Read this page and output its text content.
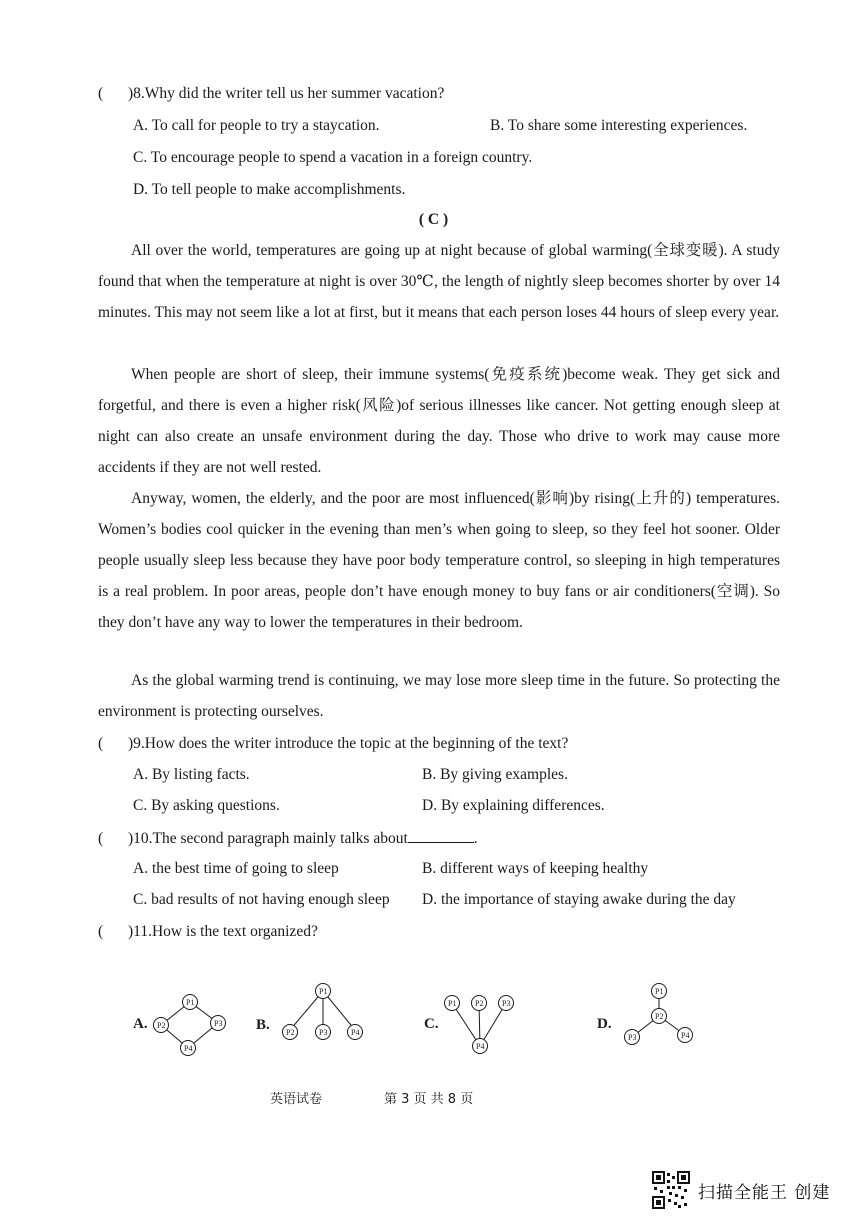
( )8.Why did the writer tell us her summer vacation?
A. To call for people to try a staycation.	B. To share some interesting experiences.
C. To encourage people to spend a vacation in a foreign country.
D. To tell people to make accomplishments.
( C )
All over the world, temperatures are going up at night because of global warming(全球变暖). A study found that when the temperature at night is over 30℃, the length of nightly sleep becomes shorter by over 14 minutes. This may not seem like a lot at first, but it means that each person loses 44 hours of sleep every year.
When people are short of sleep, their immune systems(免疫系统)become weak. They get sick and forgetful, and there is even a higher risk(风险)of serious illnesses like cancer. Not getting enough sleep at night can also create an unsafe environment during the day. Those who drive to work may cause more accidents if they are not well rested.
Anyway, women, the elderly, and the poor are most influenced(影响)by rising(上升的) temperatures. Women’s bodies cool quicker in the evening than men’s when going to sleep, so they feel hot sooner. Older people usually sleep less because they have poor body temperature control, so sleeping in high temperatures is a real problem. In poor areas, people don’t have enough money to buy fans or air conditioners(空调). So they don’t have any way to lower the temperatures in their bedroom.
As the global warming trend is continuing, we may lose more sleep time in the future. So protecting the environment is protecting ourselves.
( )9.How does the writer introduce the topic at the beginning of the text?
A. By listing facts.	B. By giving examples.
C. By asking questions.	D. By explaining differences.
( )10.The second paragraph mainly talks about	.
A. the best time of going to sleep	B. different ways of keeping healthy
C. bad results of not having enough sleep D. the importance of staying awake during the day
( )11.How is the text organized?
A.
P1
P2	P3
P4
B.
P1
P2	P3	P4
C.
P1 P2 P3
P4
D.
P1
P2
P3	P4
英语试卷	第 3 页 共 8 页
扫描全能王 创建
